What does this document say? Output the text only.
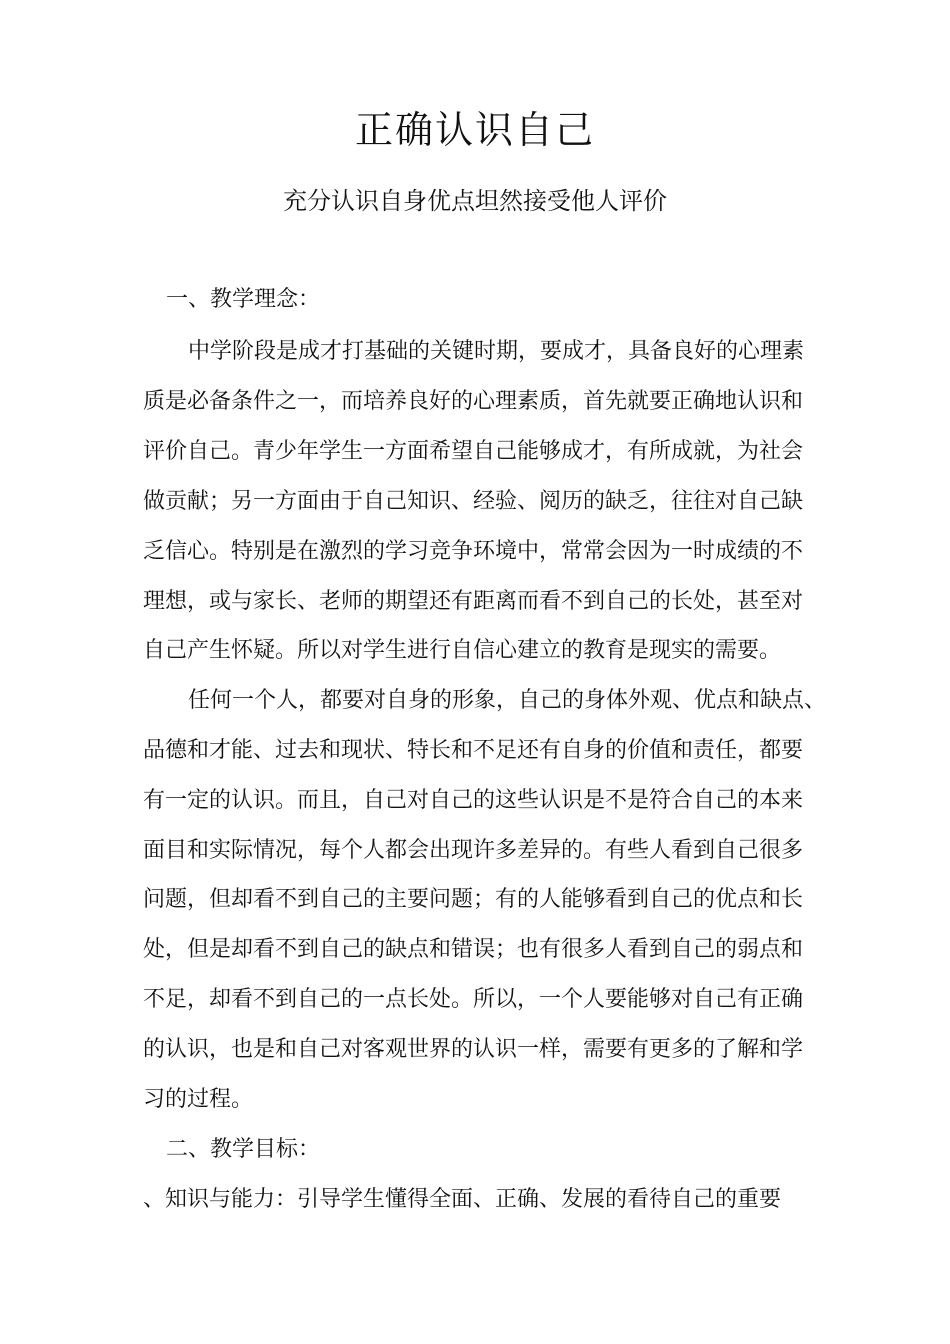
正确认识自己
充分认识自身优点坦然接受他人评价

一、教学理念：

中学阶段是成才打基础的关键时期，要成才，具备良好的心理素

质是必备条件之一，而培养良好的心理素质，首先就要正确地认识和

评价自己。青少年学生一方面希望自己能够成才，有所成就，为社会

做贡献；另一方面由于自己知识、经验、阅历的缺乏，往往对自己缺

乏信心。特别是在激烈的学习竞争环境中，常常会因为一时成绩的不

理想，或与家长、老师的期望还有距离而看不到自己的长处，甚至对

自己产生怀疑。所以对学生进行自信心建立的教育是现实的需要。

任何一个人，都要对自身的形象，自己的身体外观、优点和缺点、

品德和才能、过去和现状、特长和不足还有自身的价值和责任，都要

有一定的认识。而且，自己对自己的这些认识是不是符合自己的本来

面目和实际情况，每个人都会出现许多差异的。有些人看到自己很多

问题，但却看不到自己的主要问题；有的人能够看到自己的优点和长

处，但是却看不到自己的缺点和错误；也有很多人看到自己的弱点和

不足，却看不到自己的一点长处。所以，一个人要能够对自己有正确

的认识，也是和自己对客观世界的认识一样，需要有更多的了解和学

习的过程。

二、教学目标：

、知识与能力：引导学生懂得全面、正确、发展的看待自己的重要
